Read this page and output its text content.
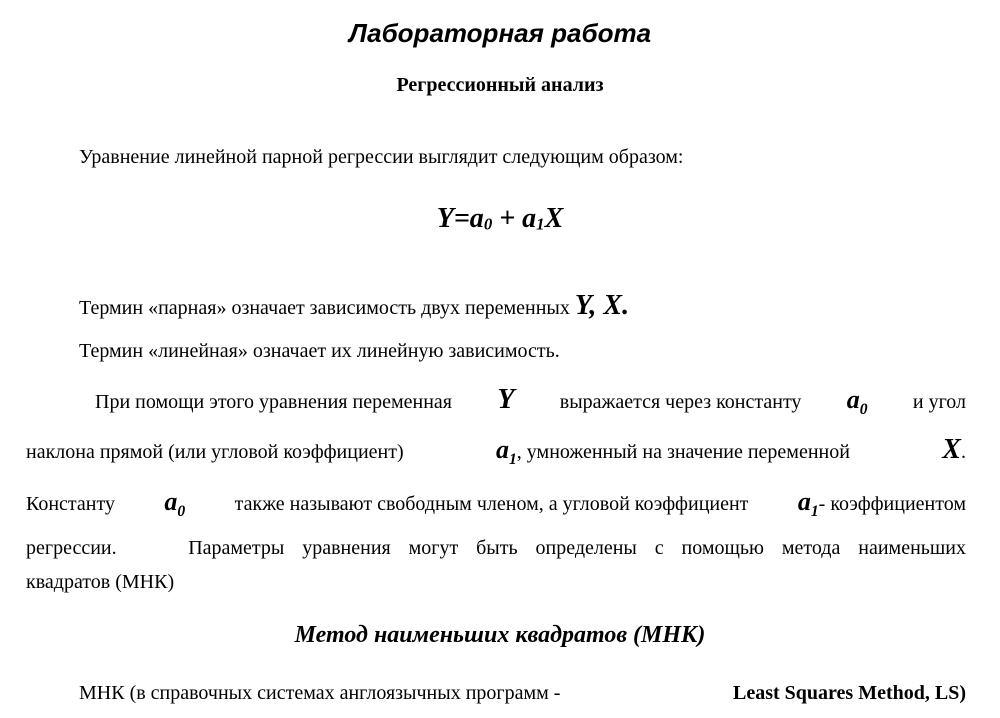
Лабораторная работа
Регрессионный анализ
Уравнение линейной парной регрессии выглядит следующим образом:
$Y=a_0 + a_1X$
Термин «парная» означает зависимость двух переменных Y, X.
Термин «линейная» означает их линейную зависимость.
При помощи этого уравнения переменная Y выражается через константу $a_0$ и угол
наклона прямой (или угловой коэффициент)	$a_1$, умноженный на значение переменной	X.
Константу $a_0$ также называют свободным членом, а угловой коэффициент $a_1-$ коэффициентом
регрессии.    Параметры уравнения могут быть определены с помощью метода наименьших
квадратов (МНК)
Метод наименьших квадратов (МНК)
МНК (в справочных системах англоязычных программ -	Least Squares Method, LS)
